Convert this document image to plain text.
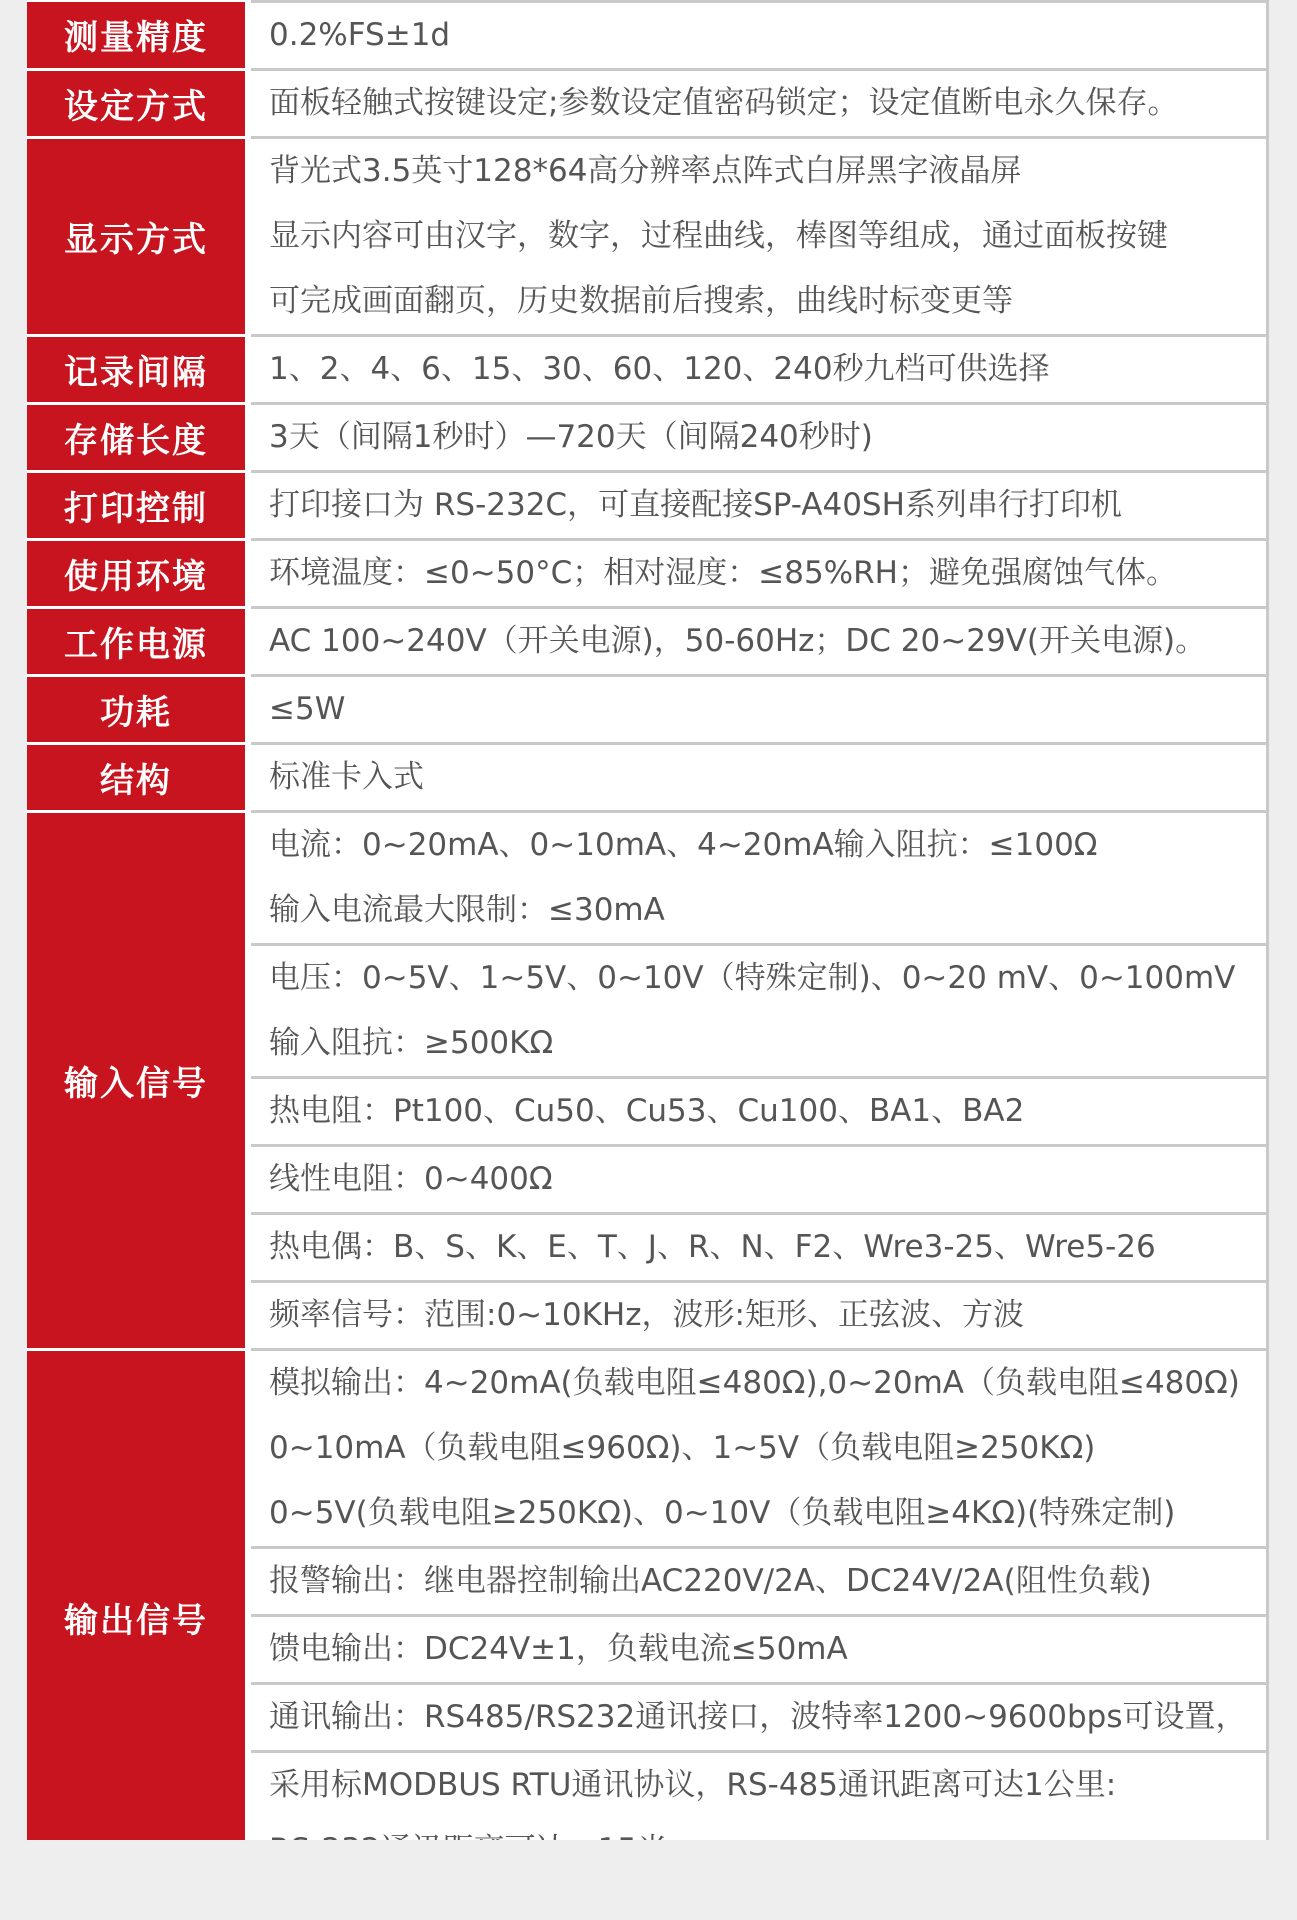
测量精度	0.2%FS±1d

设定方式	面板轻触式按键设定;参数设定值密码锁定；设定值断电永久保存。

显示方式	背光式3.5英寸128*64高分辨率点阵式白屏黑字液晶屏
显示内容可由汉字，数字，过程曲线，棒图等组成，通过面板按键
可完成画面翻页，历史数据前后搜索，曲线时标变更等

记录间隔	1、2、4、6、15、30、60、120、240秒九档可供选择

存储长度	3天（间隔1秒时）—720天（间隔240秒时)

打印控制	打印接口为 RS-232C，可直接配接SP-A40SH系列串行打印机

使用环境	环境温度：≤0~50°C；相对湿度：≤85%RH；避免强腐蚀气体。

工作电源	AC 100~240V（开关电源)，50-60Hz；DC 20~29V(开关电源)。

功耗	≤5W

结构	标准卡入式

输入信号	电流：0~20mA、0~10mA、4~20mA输入阻抗：≤100Ω
输入电流最大限制：≤30mA

	电压：0~5V、1~5V、0~10V（特殊定制)、0~20 mV、0~100mV
输入阻抗：≥500KΩ

	热电阻：Pt100、Cu50、Cu53、Cu100、BA1、BA2

	线性电阻：0~400Ω

	热电偶：B、S、K、E、T、J、R、N、F2、Wre3-25、Wre5-26

	频率信号：范围:0~10KHz，波形:矩形、正弦波、方波

输出信号	模拟输出：4~20mA(负载电阻≤480Ω),0~20mA（负载电阻≤480Ω)
0~10mA（负载电阻≤960Ω)、1~5V（负载电阻≥250KΩ)
0~5V(负载电阻≥250KΩ)、0~10V（负载电阻≥4KΩ)(特殊定制)

	报警输出：继电器控制输出AC220V/2A、DC24V/2A(阻性负载)

	馈电输出：DC24V±1，负载电流≤50mA

	通讯输出：RS485/RS232通讯接口，波特率1200~9600bps可设置，

	采用标MODBUS RTU通讯协议，RS-485通讯距离可达1公里:
